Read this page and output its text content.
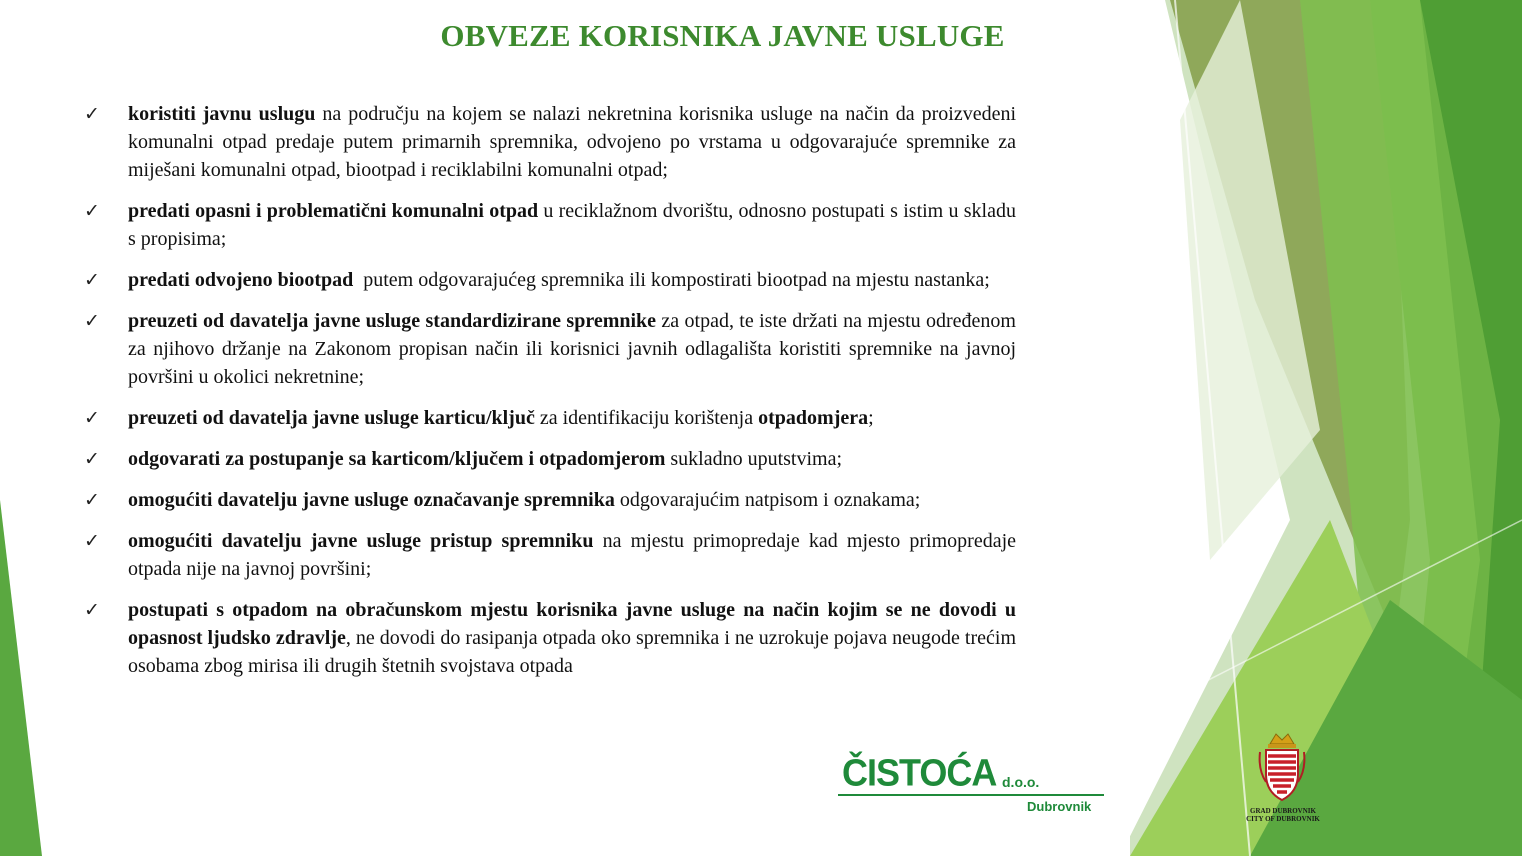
OBVEZE KORISNIKA JAVNE USLUGE
✓	koristiti javnu uslugu na području na kojem se nalazi nekretnina korisnika usluge na način da proizvedeni komunalni otpad predaje putem primarnih spremnika, odvojeno po vrstama u odgovarajuće spremnike za miješani komunalni otpad, biootpad i reciklabilni komunalni otpad;
✓	predati opasni i problematični komunalni otpad u reciklažnom dvorištu, odnosno postupati s istim u skladu s propisima;
✓	predati odvojeno biootpad  putem odgovarajućeg spremnika ili kompostirati biootpad na mjestu nastanka;
✓	preuzeti od davatelja javne usluge standardizirane spremnike za otpad, te iste držati na mjestu određenom za njihovo držanje na Zakonom propisan način ili korisnici javnih odlagališta koristiti spremnike na javnoj površini u okolici nekretnine;
✓	preuzeti od davatelja javne usluge karticu/ključ za identifikaciju korištenja otpadomjera;
✓	odgovarati za postupanje sa karticom/ključem i otpadomjerom sukladno uputstvima;
✓	omogućiti davatelju javne usluge označavanje spremnika odgovarajućim natpisom i oznakama;
✓	omogućiti davatelju javne usluge pristup spremniku na mjestu primopredaje kad mjesto primopredaje otpada nije na javnoj površini;
✓	postupati s otpadom na obračunskom mjestu korisnika javne usluge na način kojim se ne dovodi u opasnost ljudsko zdravlje, ne dovodi do rasipanja otpada oko spremnika i ne uzrokuje pojava neugode trećim osobama zbog mirisa ili drugih štetnih svojstava otpada
ČISTOĆA d.o.o.
Dubrovnik	GRAD DUBROVNIK
CITY OF DUBROVNIK
